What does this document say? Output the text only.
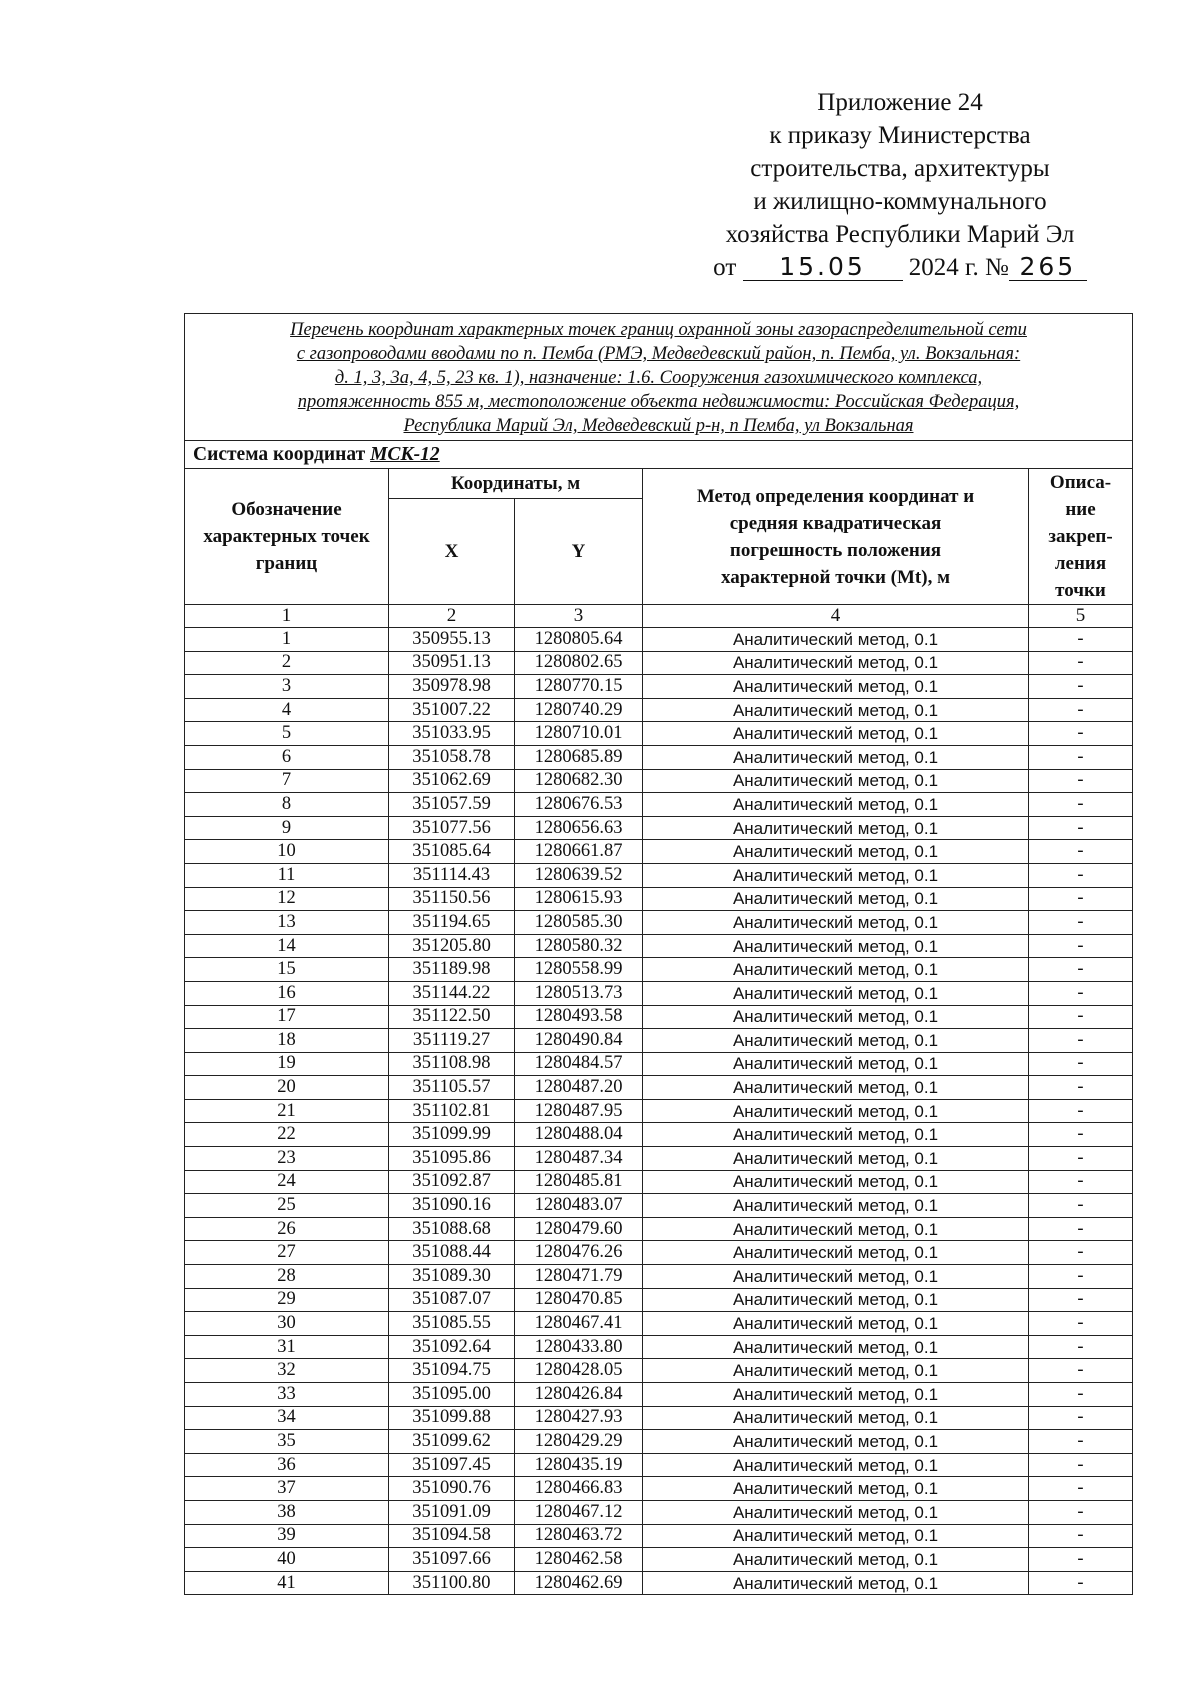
Приложение 24
к приказу Министерства
строительства, архитектуры
и жилищно-коммунального
хозяйства Республики Марий Эл
от 15.05 2024 г. № 265
Перечень координат характерных точек границ охранной зоны газораспределительной сети
с газопроводами вводами по п. Пемба (РМЭ, Медведевский район, п. Пемба, ул. Вокзальная:
д. 1, 3, 3а, 4, 5, 23 кв. 1), назначение: 1.6. Сооружения газохимического комплекса,
протяженность 855 м, местоположение объекта недвижимости: Российская Федерация,
Республика Марий Эл, Медведевский р-н, п Пемба, ул Вокзальная				

Система координат МСК-12				

Обозначение
характерных точек
границ	Координаты, м		Метод определения координат и
средняя квадратическая
погрешность положения
характерной точки (Mt), м	Описа-
ние
закреп-
ления
точки

	X	Y		
1	2	3	4	5
1	350955.13	1280805.64	Аналитический метод, 0.1	-
2	350951.13	1280802.65	Аналитический метод, 0.1	-
3	350978.98	1280770.15	Аналитический метод, 0.1	-
4	351007.22	1280740.29	Аналитический метод, 0.1	-
5	351033.95	1280710.01	Аналитический метод, 0.1	-
6	351058.78	1280685.89	Аналитический метод, 0.1	-
7	351062.69	1280682.30	Аналитический метод, 0.1	-
8	351057.59	1280676.53	Аналитический метод, 0.1	-
9	351077.56	1280656.63	Аналитический метод, 0.1	-
10	351085.64	1280661.87	Аналитический метод, 0.1	-
11	351114.43	1280639.52	Аналитический метод, 0.1	-
12	351150.56	1280615.93	Аналитический метод, 0.1	-
13	351194.65	1280585.30	Аналитический метод, 0.1	-
14	351205.80	1280580.32	Аналитический метод, 0.1	-
15	351189.98	1280558.99	Аналитический метод, 0.1	-
16	351144.22	1280513.73	Аналитический метод, 0.1	-
17	351122.50	1280493.58	Аналитический метод, 0.1	-
18	351119.27	1280490.84	Аналитический метод, 0.1	-
19	351108.98	1280484.57	Аналитический метод, 0.1	-
20	351105.57	1280487.20	Аналитический метод, 0.1	-
21	351102.81	1280487.95	Аналитический метод, 0.1	-
22	351099.99	1280488.04	Аналитический метод, 0.1	-
23	351095.86	1280487.34	Аналитический метод, 0.1	-
24	351092.87	1280485.81	Аналитический метод, 0.1	-
25	351090.16	1280483.07	Аналитический метод, 0.1	-
26	351088.68	1280479.60	Аналитический метод, 0.1	-
27	351088.44	1280476.26	Аналитический метод, 0.1	-
28	351089.30	1280471.79	Аналитический метод, 0.1	-
29	351087.07	1280470.85	Аналитический метод, 0.1	-
30	351085.55	1280467.41	Аналитический метод, 0.1	-
31	351092.64	1280433.80	Аналитический метод, 0.1	-
32	351094.75	1280428.05	Аналитический метод, 0.1	-
33	351095.00	1280426.84	Аналитический метод, 0.1	-
34	351099.88	1280427.93	Аналитический метод, 0.1	-
35	351099.62	1280429.29	Аналитический метод, 0.1	-
36	351097.45	1280435.19	Аналитический метод, 0.1	-
37	351090.76	1280466.83	Аналитический метод, 0.1	-
38	351091.09	1280467.12	Аналитический метод, 0.1	-
39	351094.58	1280463.72	Аналитический метод, 0.1	-
40	351097.66	1280462.58	Аналитический метод, 0.1	-
41	351100.80	1280462.69	Аналитический метод, 0.1	-
